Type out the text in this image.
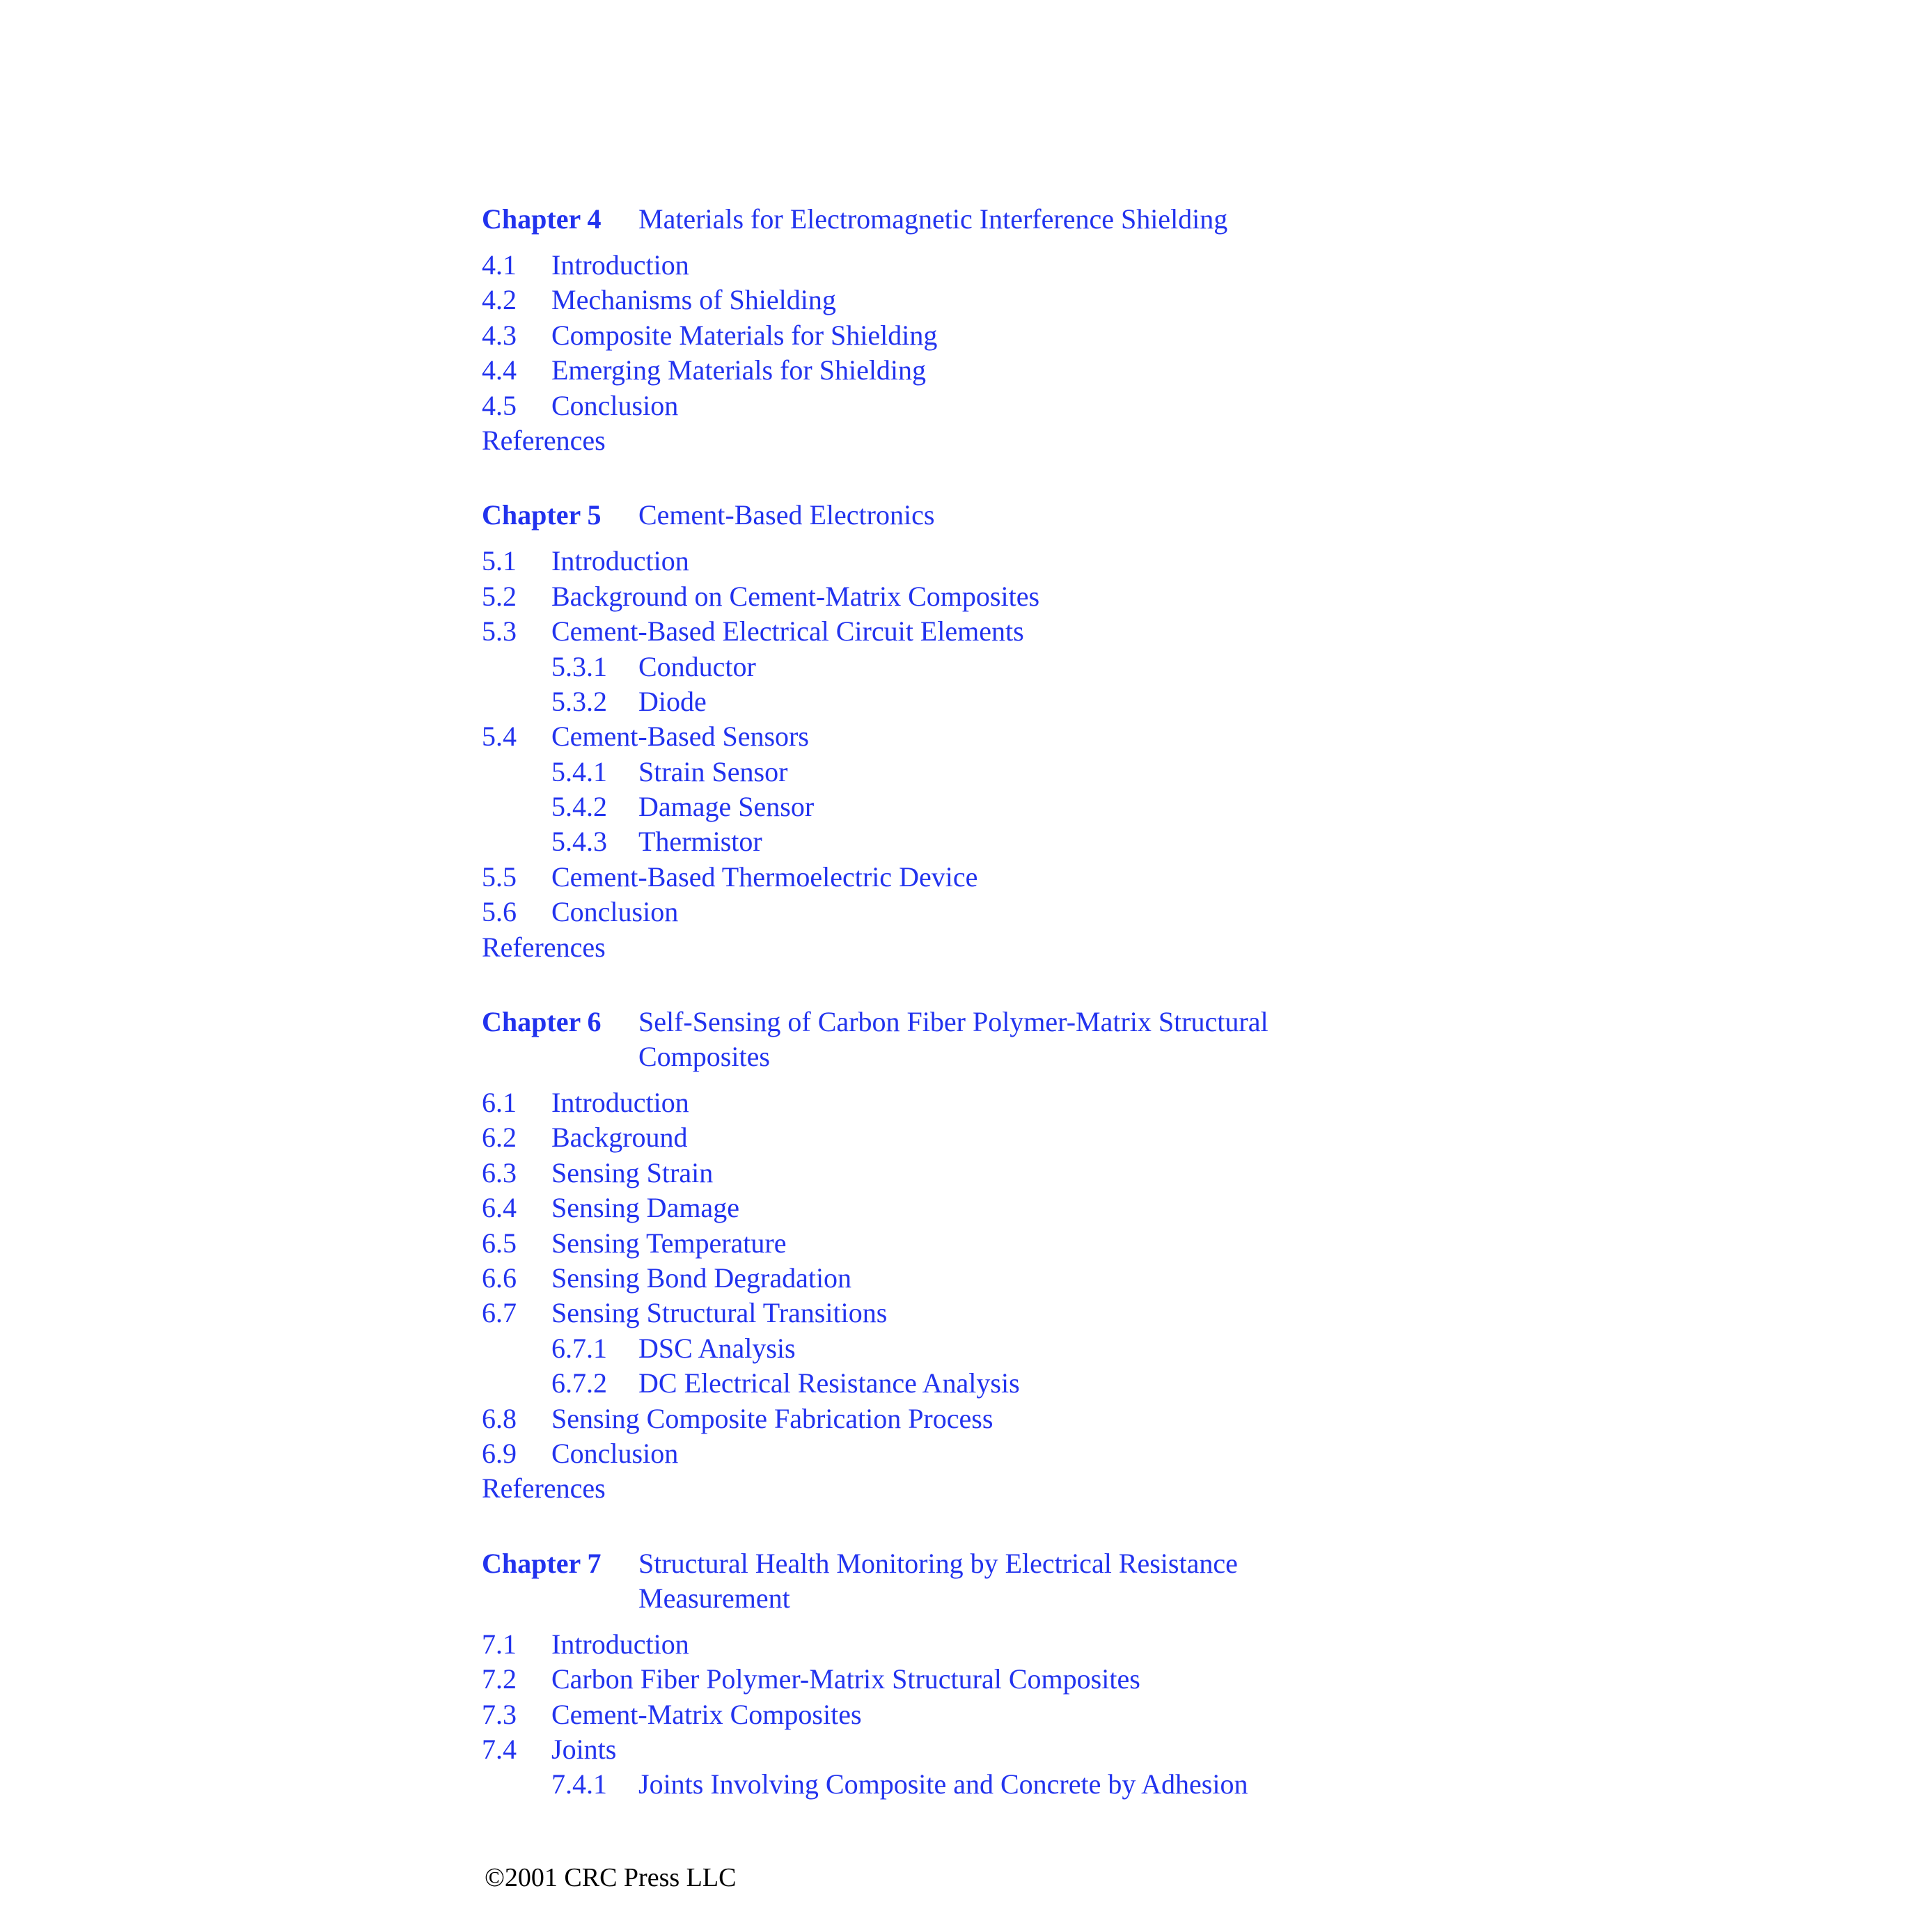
Chapter 4	Materials for Electromagnetic Interference Shielding
4.1	Introduction
4.2	Mechanisms of Shielding
4.3	Composite Materials for Shielding
4.4	Emerging Materials for Shielding
4.5	Conclusion
References
Chapter 5	Cement-Based Electronics
5.1	Introduction
5.2	Background on Cement-Matrix Composites
5.3	Cement-Based Electrical Circuit Elements
5.3.1	Conductor
5.3.2	Diode
5.4	Cement-Based Sensors
5.4.1	Strain Sensor
5.4.2	Damage Sensor
5.4.3	Thermistor
5.5	Cement-Based Thermoelectric Device
5.6	Conclusion
References
Chapter 6	Self-Sensing of Carbon Fiber Polymer-Matrix Structural Composites
6.1	Introduction
6.2	Background
6.3	Sensing Strain
6.4	Sensing Damage
6.5	Sensing Temperature
6.6	Sensing Bond Degradation
6.7	Sensing Structural Transitions
6.7.1	DSC Analysis
6.7.2	DC Electrical Resistance Analysis
6.8	Sensing Composite Fabrication Process
6.9	Conclusion
References
Chapter 7	Structural Health Monitoring by Electrical Resistance Measurement
7.1	Introduction
7.2	Carbon Fiber Polymer-Matrix Structural Composites
7.3	Cement-Matrix Composites
7.4	Joints
7.4.1	Joints Involving Composite and Concrete by Adhesion
©2001 CRC Press LLC
